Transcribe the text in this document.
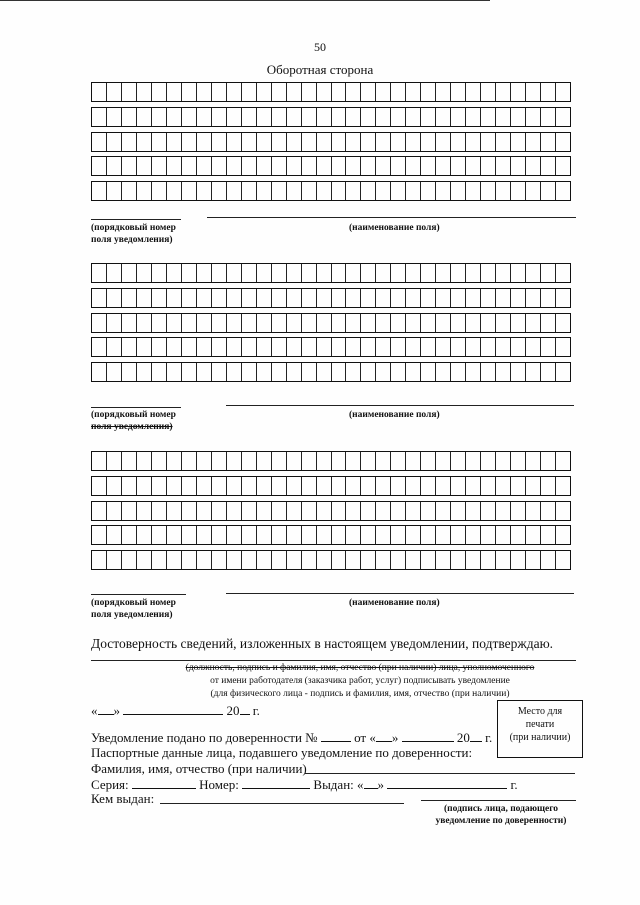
50
Оборотная сторона
(порядковый номер
поля уведомления)
(наименование поля)
(порядковый номер
поля уведомления)
(наименование поля)
(порядковый номер
поля уведомления)
(наименование поля)
Достоверность сведений, изложенных в настоящем уведомлении, подтверждаю.
(должность, подпись и фамилия, имя, отчество (при наличии) лица, уполномоченного
от имени работодателя (заказчика работ, услуг) подписывать уведомление
(для физического лица - подпись и фамилия, имя, отчество (при наличии)
« »	20 г.	Место для
печати
(при наличии)
Уведомление подано по доверенности №	от « »	20 г.
Паспортные данные лица, подавшего уведомление по доверенности:
Фамилия, имя, отчество (при наличии)
Серия:	Номер:	Выдан: « »	г.
Кем выдан:
(подпись лица, подающего
уведомление по доверенности)
